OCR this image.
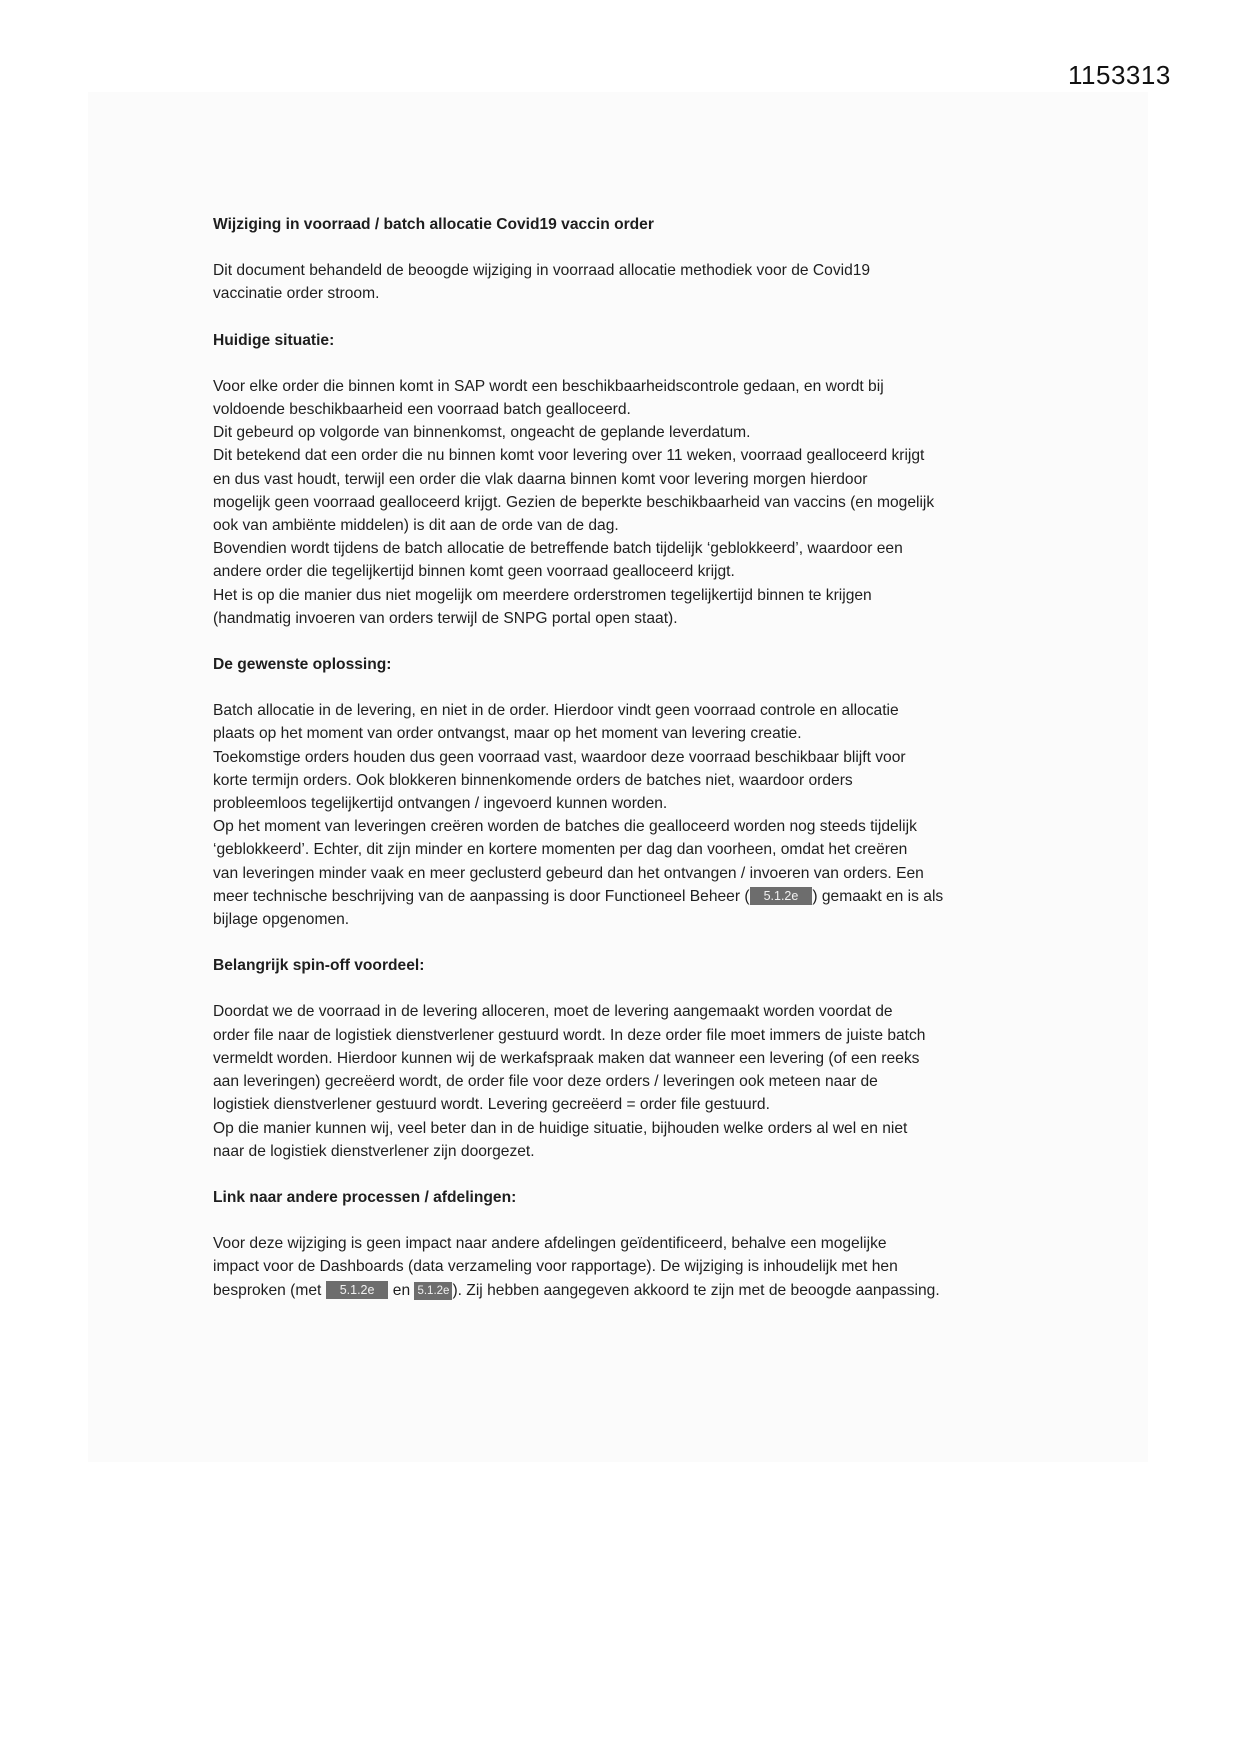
1153313
Wijziging in voorraad / batch allocatie Covid19 vaccin order
Dit document behandeld de beoogde wijziging in voorraad allocatie methodiek voor de Covid19
vaccinatie order stroom.
Huidige situatie:
Voor elke order die binnen komt in SAP wordt een beschikbaarheidscontrole gedaan, en wordt bij
voldoende beschikbaarheid een voorraad batch gealloceerd.
Dit gebeurd op volgorde van binnenkomst, ongeacht de geplande leverdatum.
Dit betekend dat een order die nu binnen komt voor levering over 11 weken, voorraad gealloceerd krijgt
en dus vast houdt, terwijl een order die vlak daarna binnen komt voor levering morgen hierdoor
mogelijk geen voorraad gealloceerd krijgt. Gezien de beperkte beschikbaarheid van vaccins (en mogelijk
ook van ambiënte middelen) is dit aan de orde van de dag.
Bovendien wordt tijdens de batch allocatie de betreffende batch tijdelijk ‘geblokkeerd’, waardoor een
andere order die tegelijkertijd binnen komt geen voorraad gealloceerd krijgt.
Het is op die manier dus niet mogelijk om meerdere orderstromen tegelijkertijd binnen te krijgen
(handmatig invoeren van orders terwijl de SNPG portal open staat).
De gewenste oplossing:
Batch allocatie in de levering, en niet in de order. Hierdoor vindt geen voorraad controle en allocatie
plaats op het moment van order ontvangst, maar op het moment van levering creatie.
Toekomstige orders houden dus geen voorraad vast, waardoor deze voorraad beschikbaar blijft voor
korte termijn orders. Ook blokkeren binnenkomende orders de batches niet, waardoor orders
probleemloos tegelijkertijd ontvangen / ingevoerd kunnen worden.
Op het moment van leveringen creëren worden de batches die gealloceerd worden nog steeds tijdelijk
‘geblokkeerd’. Echter, dit zijn minder en kortere momenten per dag dan voorheen, omdat het creëren
van leveringen minder vaak en meer geclusterd gebeurd dan het ontvangen / invoeren van orders. Een
meer technische beschrijving van de aanpassing is door Functioneel Beheer ( 5.1.2e ) gemaakt en is als
bijlage opgenomen.
Belangrijk spin-off voordeel:
Doordat we de voorraad in de levering alloceren, moet de levering aangemaakt worden voordat de
order file naar de logistiek dienstverlener gestuurd wordt. In deze order file moet immers de juiste batch
vermeldt worden. Hierdoor kunnen wij de werkafspraak maken dat wanneer een levering (of een reeks
aan leveringen) gecreëerd wordt, de order file voor deze orders / leveringen ook meteen naar de
logistiek dienstverlener gestuurd wordt. Levering gecreëerd = order file gestuurd.
Op die manier kunnen wij, veel beter dan in de huidige situatie, bijhouden welke orders al wel en niet
naar de logistiek dienstverlener zijn doorgezet.
Link naar andere processen / afdelingen:
Voor deze wijziging is geen impact naar andere afdelingen geïdentificeerd, behalve een mogelijke
impact voor de Dashboards (data verzameling voor rapportage). De wijziging is inhoudelijk met hen
besproken (met 5.1.2e en 5.1.2e ). Zij hebben aangegeven akkoord te zijn met de beoogde aanpassing.
